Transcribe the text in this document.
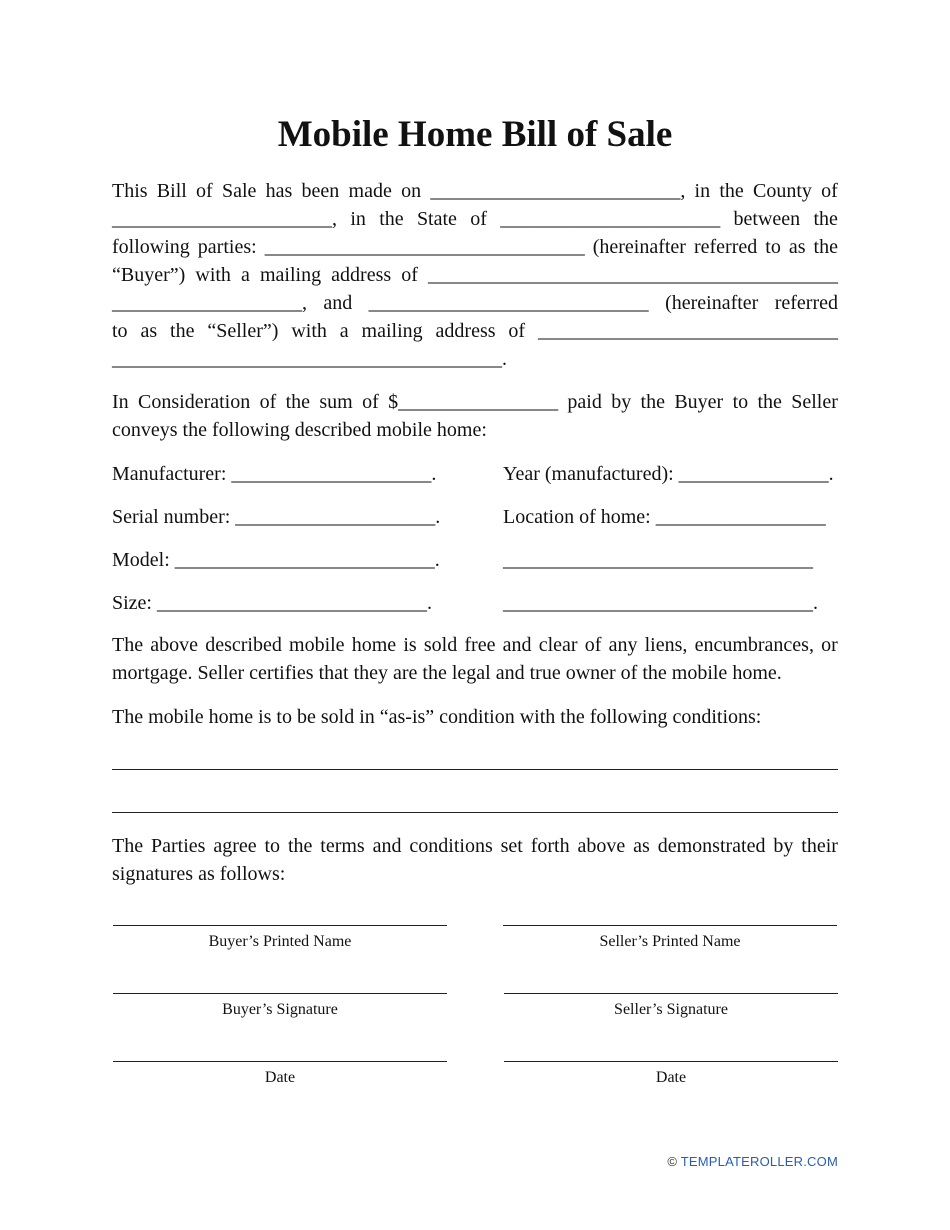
Mobile Home Bill of Sale
This Bill of Sale has been made on _________________________, in the County of
______________________, in the State of ______________________ between the
following parties: ________________________________ (hereinafter referred to as the
“Buyer”) with a mailing address of _________________________________________
___________________, and ____________________________ (hereinafter referred
to as the “Seller”) with a mailing address of ______________________________
_______________________________________.
In Consideration of the sum of $________________ paid by the Buyer to the Seller
conveys the following described mobile home:
Manufacturer: ____________________.	Year (manufactured): _______________.
Serial number: ____________________.	Location of home: _________________
Model: __________________________.	_______________________________
Size: ___________________________.	_______________________________.
The above described mobile home is sold free and clear of any liens, encumbrances, or
mortgage. Seller certifies that they are the legal and true owner of the mobile home.
The mobile home is to be sold in “as-is” condition with the following conditions:
The Parties agree to the terms and conditions set forth above as demonstrated by their
signatures as follows:
Buyer’s Printed Name	Seller’s Printed Name
Buyer’s Signature	Seller’s Signature
Date	Date
© TEMPLATEROLLER.COM
